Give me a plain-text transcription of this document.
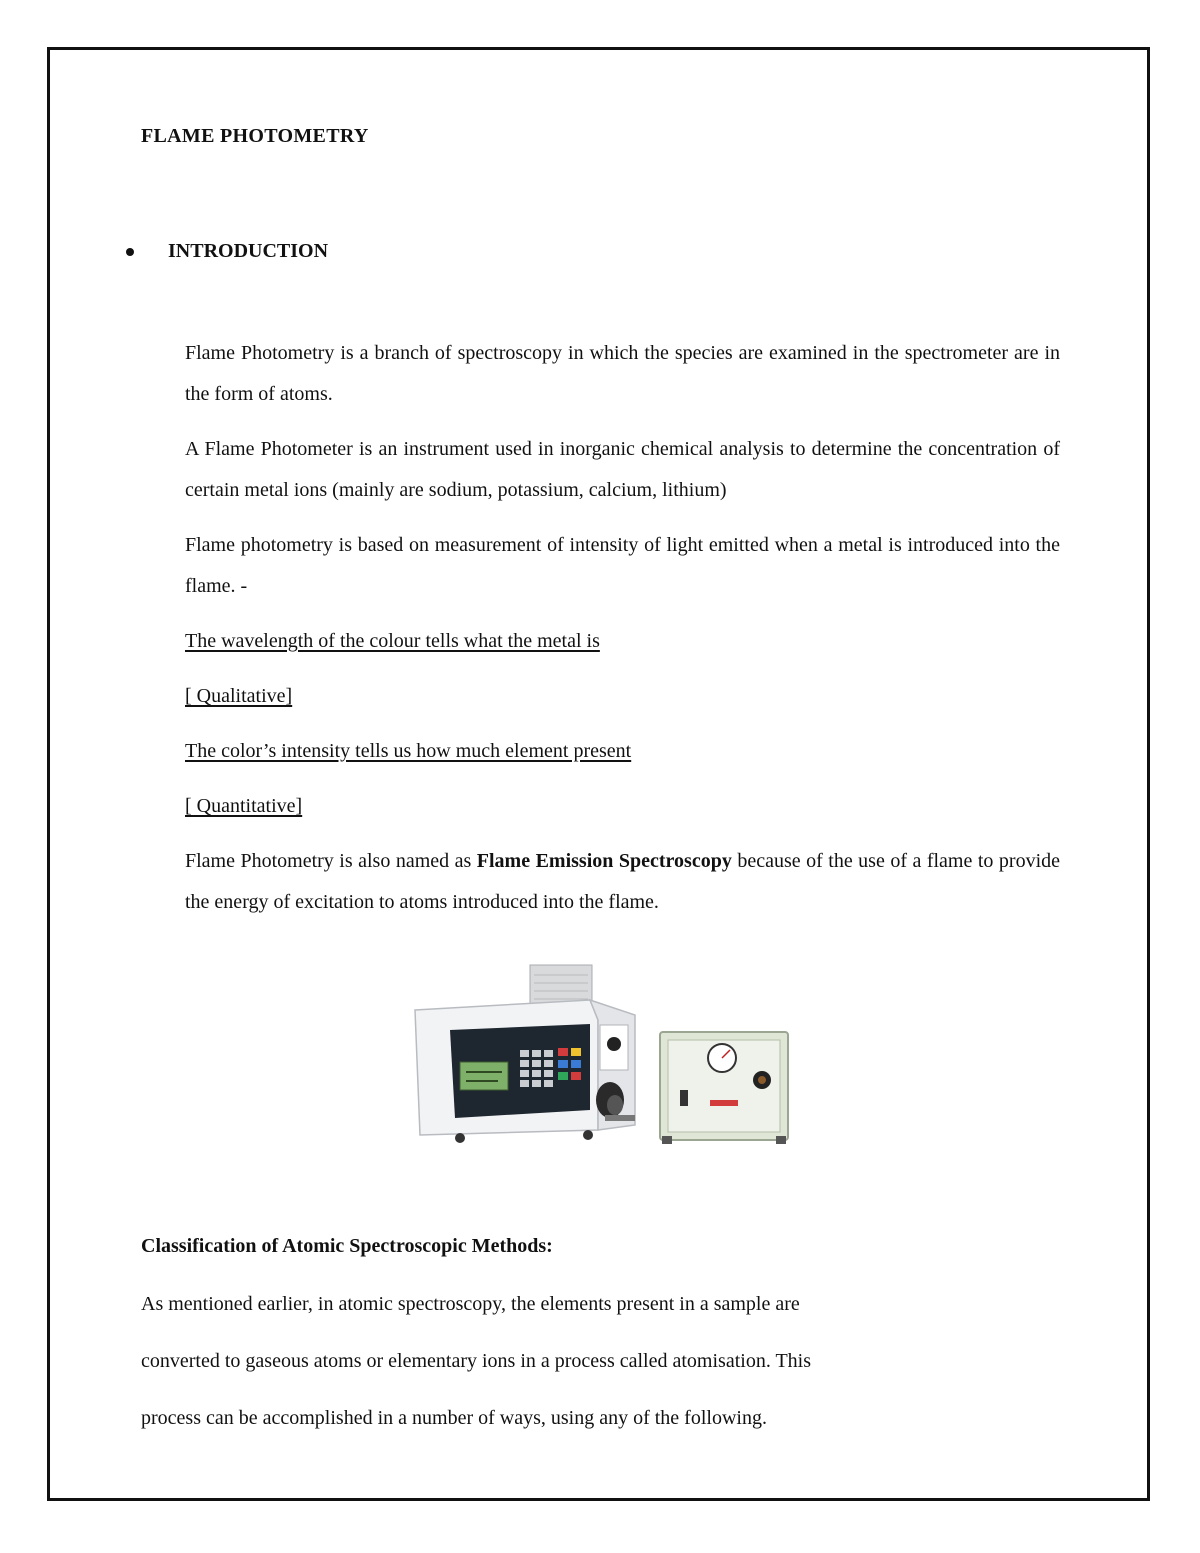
FLAME PHOTOMETRY
INTRODUCTION

Flame Photometry is a branch of spectroscopy in which the species are examined in the spectrometer are in the form of atoms.

A Flame Photometer is an instrument used in inorganic chemical analysis to determine the concentration of certain metal ions (mainly are sodium, potassium, calcium, lithium)

Flame photometry is based on measurement of intensity of light emitted when a metal is introduced into the flame. -

The wavelength of the colour tells what the metal is

[ Qualitative]

The color’s intensity tells us how much element present

[ Quantitative]

Flame Photometry is also named as Flame Emission Spectroscopy because of the use of a flame to provide the energy of excitation to atoms introduced into the flame.

Classification of Atomic Spectroscopic Methods:

As mentioned earlier, in atomic spectroscopy, the elements present in a sample are

converted to gaseous atoms or elementary ions in a process called atomisation. This

process can be accomplished in a number of ways, using any of the following.
